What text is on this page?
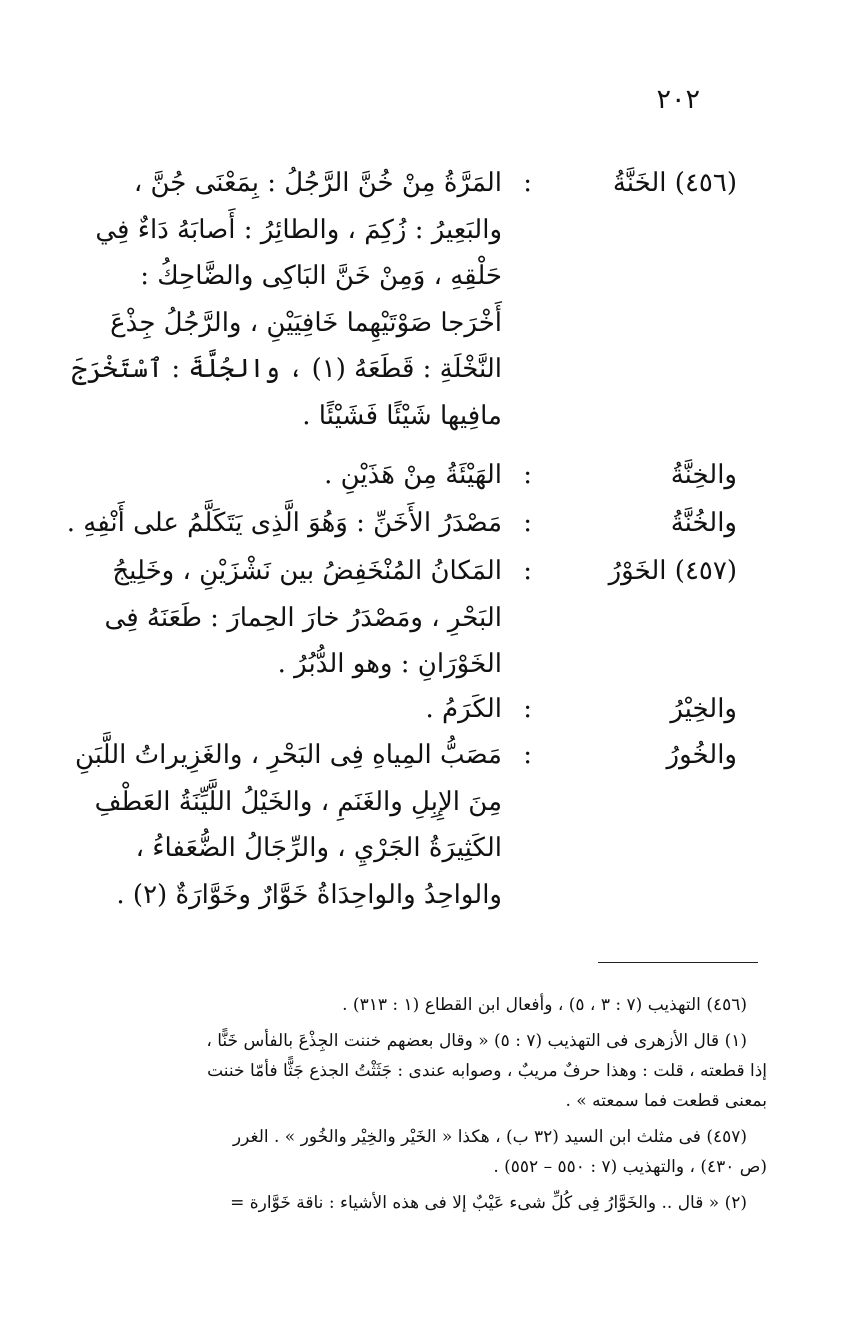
٢٠٢
(٤٥٦) الخَنَّةُ
:
المَرَّةُ مِنْ خُنَّ الرَّجُلُ : بِمَعْنَى جُنَّ ،
والبَعِيرُ : زُكِمَ ، والطائِرُ : أَصابَهُ دَاءٌ فِي
حَلْقِهِ ، وَمِنْ خَنَّ البَاكِى والضَّاحِكُ :
أَخْرَجا صَوْتَيْهِما خَافِيَيْنِ ، والرَّجُلُ جِذْعَ
النَّخْلَةِ : قَطَعَهُ (١) ، والجُلَّةَ : ٱسْتَخْرَجَ
مافِيها شَيْئًا فَشَيْئًا .
والخِنَّةُ
:
الهَيْئَةُ مِنْ هَذَيْنِ .
والخُنَّةُ
:
مَصْدَرُ الأَخَنِّ : وَهُوَ الَّذِى يَتَكَلَّمُ على أَنْفِهِ .
(٤٥٧) الخَوْرُ
:
المَكانُ المُنْخَفِضُ بين نَشْزَيْنِ ، وخَلِيجُ
البَحْرِ ، ومَصْدَرُ خارَ الحِمارَ : طَعَنَهُ فِى
الخَوْرَانِ : وهو الدُّبُرُ .
والخِيْرُ
:
الكَرَمُ .
والخُورُ
:
مَصَبُّ المِياهِ فِى البَحْرِ ، والغَزِيراتُ اللَّبَنِ
مِنَ الإِبِلِ والغَنَمِ ، والخَيْلُ اللَّيِّنَةُ العَطْفِ
الكَثِيرَةُ الجَرْيِ ، والرِّجَالُ الضُّعَفاءُ ،
والواحِدُ والواحِدَاةُ خَوَّارٌ وخَوَّارَةٌ (٢) .
(٤٥٦) التهذيب (٧ : ٣ ، ٥) ، وأفعال ابن القطاع (١ : ٣١٣) .
(١) قال الأزهرى فى التهذيب (٧ : ٥) « وقال بعضهم خننت الجِذْعَ بالفأس خَنًّا ،
إذا قطعته ، قلت : وهذا حرفٌ مريبٌ ، وصوابه عندى : جَثَثْتُ الجذع جَثًّا فأمّا خننت
بمعنى قطعت فما سمعته » .
(٤٥٧) فى مثلث ابن السيد (٣٢ ب) ، هكذا « الخَيْر والخِيْر والخُور » . الغرر
(ص ٤٣٠) ، والتهذيب (٧ : ٥٥٠ – ٥٥٢) .
(٢) « قال .. والخَوَّارُ فِى كُلِّ شىء عَيْبٌ إلا فى هذه الأشياء : ناقة خَوَّارة =
